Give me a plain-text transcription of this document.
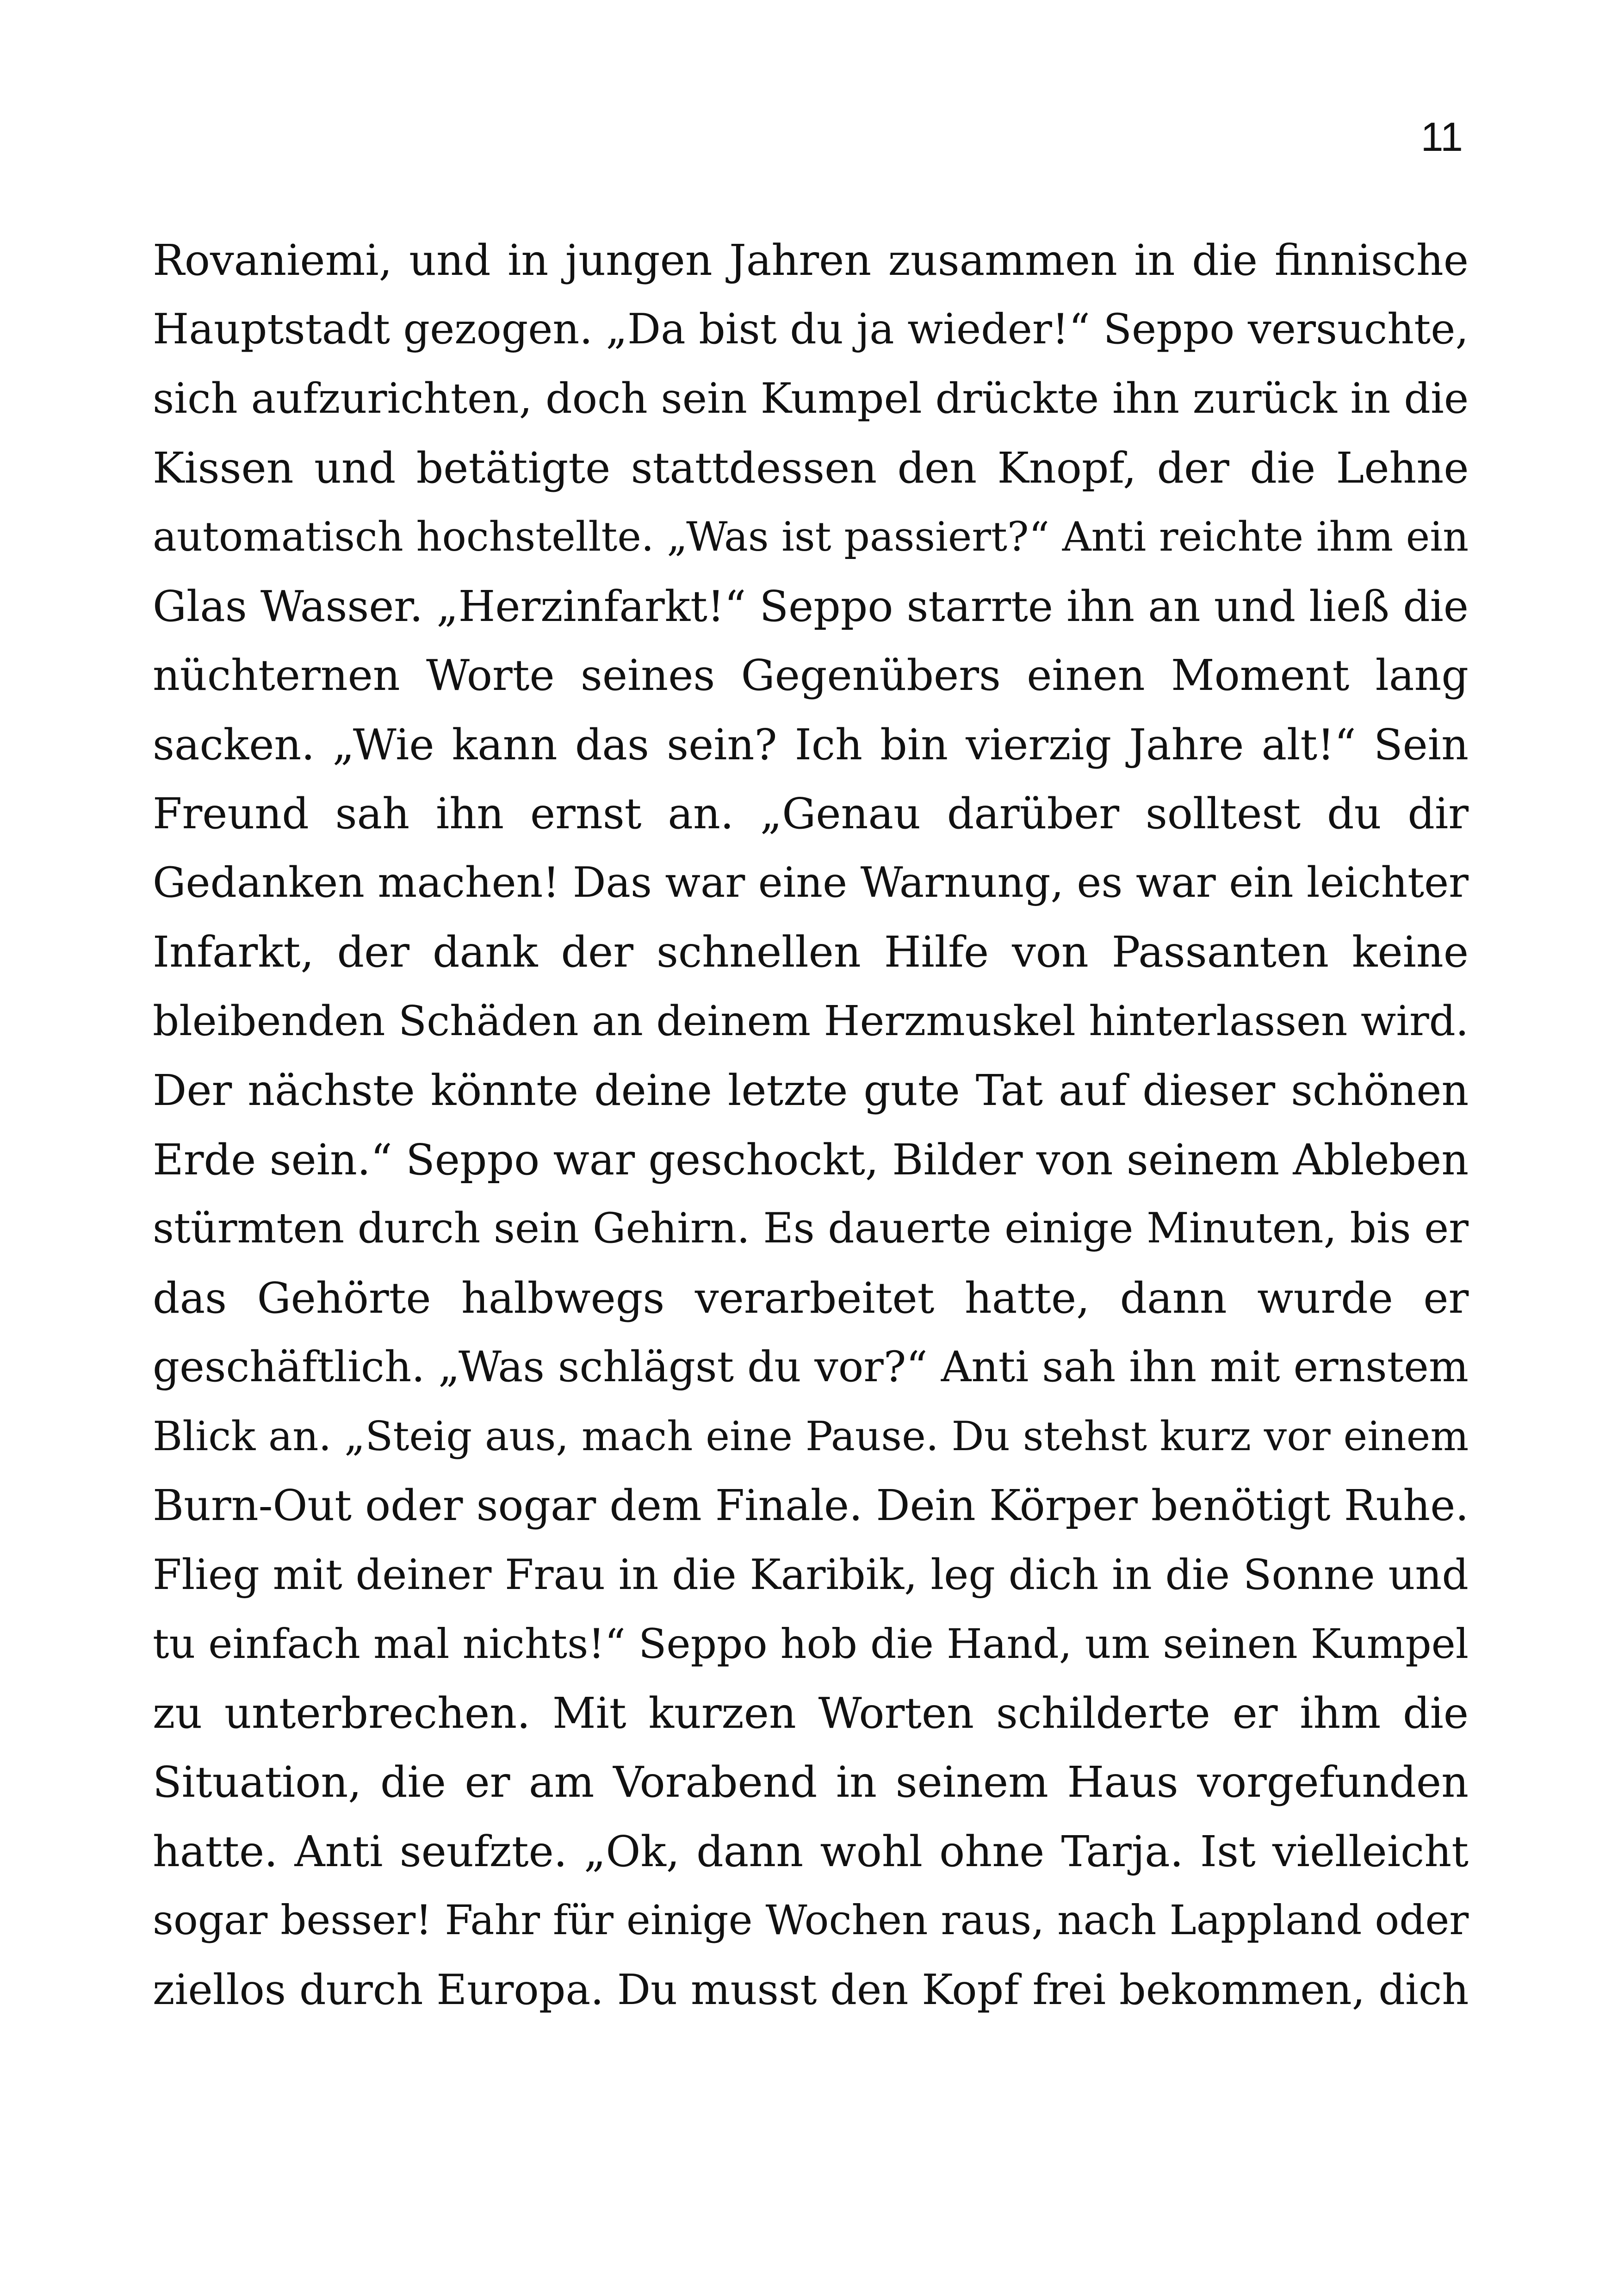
11
Rovaniemi, und in jungen Jahren zusammen in die finnische
Hauptstadt gezogen. „Da bist du ja wieder!“ Seppo versuchte,
sich aufzurichten, doch sein Kumpel drückte ihn zurück in die
Kissen und betätigte stattdessen den Knopf, der die Lehne
automatisch hochstellte. „Was ist passiert?“ Anti reichte ihm ein
Glas Wasser. „Herzinfarkt!“ Seppo starrte ihn an und ließ die
nüchternen Worte seines Gegenübers einen Moment lang
sacken. „Wie kann das sein? Ich bin vierzig Jahre alt!“ Sein
Freund sah ihn ernst an. „Genau darüber solltest du dir
Gedanken machen! Das war eine Warnung, es war ein leichter
Infarkt, der dank der schnellen Hilfe von Passanten keine
bleibenden Schäden an deinem Herzmuskel hinterlassen wird.
Der nächste könnte deine letzte gute Tat auf dieser schönen
Erde sein.“ Seppo war geschockt, Bilder von seinem Ableben
stürmten durch sein Gehirn. Es dauerte einige Minuten, bis er
das Gehörte halbwegs verarbeitet hatte, dann wurde er
geschäftlich. „Was schlägst du vor?“ Anti sah ihn mit ernstem
Blick an. „Steig aus, mach eine Pause. Du stehst kurz vor einem
Burn-Out oder sogar dem Finale. Dein Körper benötigt Ruhe.
Flieg mit deiner Frau in die Karibik, leg dich in die Sonne und
tu einfach mal nichts!“ Seppo hob die Hand, um seinen Kumpel
zu unterbrechen. Mit kurzen Worten schilderte er ihm die
Situation, die er am Vorabend in seinem Haus vorgefunden
hatte. Anti seufzte. „Ok, dann wohl ohne Tarja. Ist vielleicht
sogar besser! Fahr für einige Wochen raus, nach Lappland oder
ziellos durch Europa. Du musst den Kopf frei bekommen, dich
